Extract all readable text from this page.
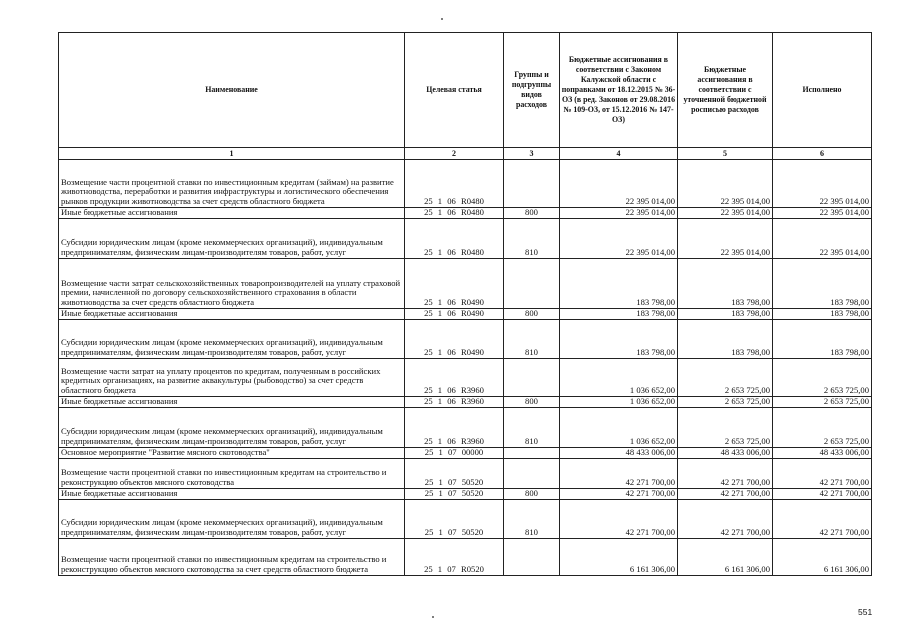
Наименование	Целевая статья	Группы и подгруппы видов расходов	Бюджетные ассигнования в соответствии с Законом Калужской области с поправками от 18.12.2015 № 36-ОЗ (в ред. Законов от 29.08.2016 № 109-ОЗ, от 15.12.2016 № 147-ОЗ)	Бюджетные ассигнования в соответствии с уточненной бюджетной росписью расходов	Исполнено
1	2	3	4	5	6
Возмещение части процентной ставки по инвестиционным кредитам (займам) на развитие животноводства, переработки и развития инфраструктуры и логистического обеспечения рынков продукции животноводства за счет средств областного бюджета	25 1 06 R0480		22 395 014,00	22 395 014,00	22 395 014,00
Иные бюджетные ассигнования	25 1 06 R0480	800	22 395 014,00	22 395 014,00	22 395 014,00
Субсидии юридическим лицам (кроме некоммерческих организаций), индивидуальным предпринимателям, физическим лицам-производителям товаров, работ, услуг	25 1 06 R0480	810	22 395 014,00	22 395 014,00	22 395 014,00
Возмещение части затрат сельскохозяйственных товаропроизводителей на уплату страховой премии, начисленной по договору сельскохозяйственного страхования в области животноводства за счет средств областного бюджета	25 1 06 R0490		183 798,00	183 798,00	183 798,00
Иные бюджетные ассигнования	25 1 06 R0490	800	183 798,00	183 798,00	183 798,00
Субсидии юридическим лицам (кроме некоммерческих организаций), индивидуальным предпринимателям, физическим лицам-производителям товаров, работ, услуг	25 1 06 R0490	810	183 798,00	183 798,00	183 798,00
Возмещение части затрат на уплату процентов по кредитам, полученным в российских кредитных организациях, на развитие аквакультуры (рыбоводство) за счет средств областного бюджета	25 1 06 R3960		1 036 652,00	2 653 725,00	2 653 725,00
Иные бюджетные ассигнования	25 1 06 R3960	800	1 036 652,00	2 653 725,00	2 653 725,00
Субсидии юридическим лицам (кроме некоммерческих организаций), индивидуальным предпринимателям, физическим лицам-производителям товаров, работ, услуг	25 1 06 R3960	810	1 036 652,00	2 653 725,00	2 653 725,00
Основное мероприятие "Развитие мясного скотоводства"	25 1 07 00000		48 433 006,00	48 433 006,00	48 433 006,00
Возмещение части процентной ставки по инвестиционным кредитам на строительство и реконструкцию объектов мясного скотоводства	25 1 07 50520		42 271 700,00	42 271 700,00	42 271 700,00
Иные бюджетные ассигнования	25 1 07 50520	800	42 271 700,00	42 271 700,00	42 271 700,00
Субсидии юридическим лицам (кроме некоммерческих организаций), индивидуальным предпринимателям, физическим лицам-производителям товаров, работ, услуг	25 1 07 50520	810	42 271 700,00	42 271 700,00	42 271 700,00
Возмещение части процентной ставки по инвестиционным кредитам на строительство и реконструкцию объектов мясного скотоводства за счет средств областного бюджета	25 1 07 R0520		6 161 306,00	6 161 306,00	6 161 306,00
551
